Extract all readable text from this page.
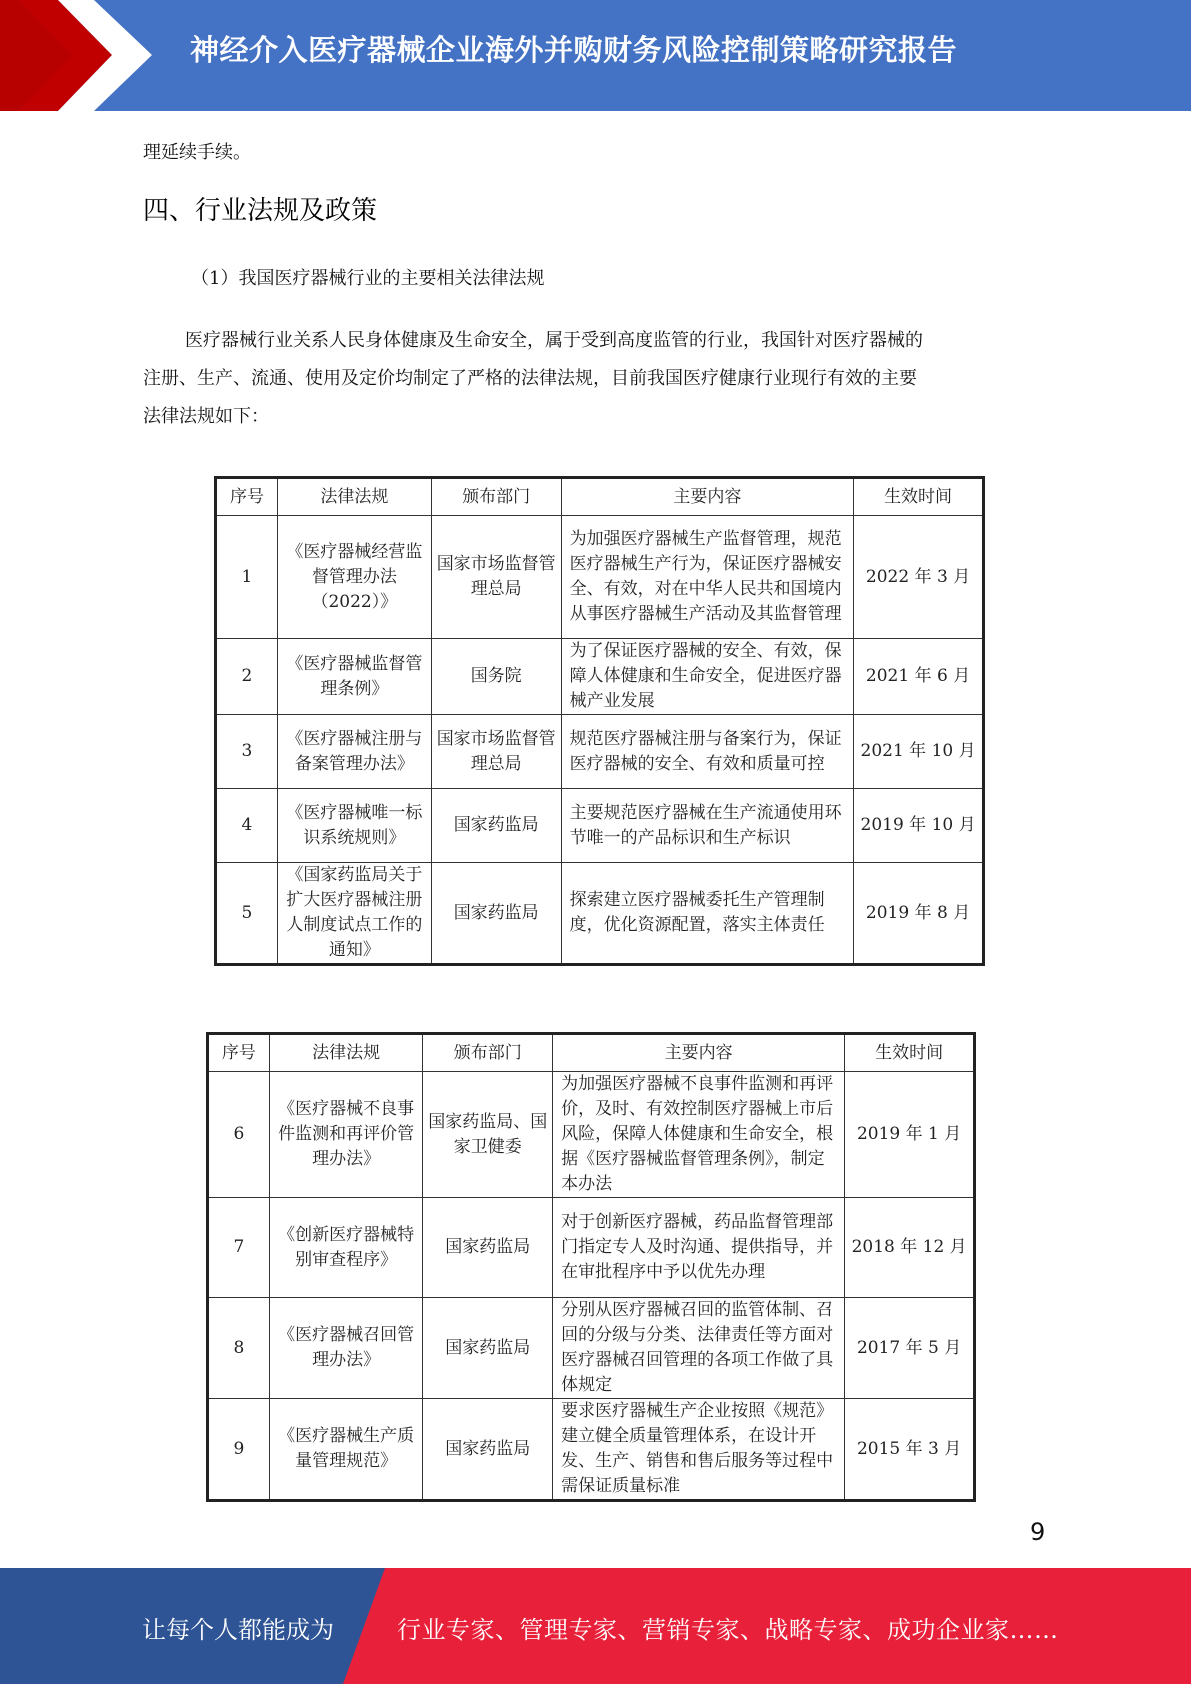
神经介入医疗器械企业海外并购财务风险控制策略研究报告
理延续手续。
四、行业法规及政策
（1）我国医疗器械行业的主要相关法律法规
医疗器械行业关系人民身体健康及生命安全，属于受到高度监管的行业，我国针对医疗器械的
注册、生产、流通、使用及定价均制定了严格的法律法规，目前我国医疗健康行业现行有效的主要
法律法规如下：
序号	法律法规	颁布部门	主要内容	生效时间
1	《医疗器械经营监督管理办法（2022）》	国家市场监督管理总局	为加强医疗器械生产监督管理，规范医疗器械生产行为，保证医疗器械安全、有效，对在中华人民共和国境内从事医疗器械生产活动及其监督管理	2022 年 3 月
2	《医疗器械监督管理条例》	国务院	为了保证医疗器械的安全、有效，保障人体健康和生命安全，促进医疗器械产业发展	2021 年 6 月
3	《医疗器械注册与备案管理办法》	国家市场监督管理总局	规范医疗器械注册与备案行为，保证医疗器械的安全、有效和质量可控	2021 年 10 月
4	《医疗器械唯一标识系统规则》	国家药监局	主要规范医疗器械在生产流通使用环节唯一的产品标识和生产标识	2019 年 10 月
5	《国家药监局关于扩大医疗器械注册人制度试点工作的通知》	国家药监局	探索建立医疗器械委托生产管理制度，优化资源配置，落实主体责任	2019 年 8 月
序号	法律法规	颁布部门	主要内容	生效时间
6	《医疗器械不良事件监测和再评价管理办法》	国家药监局、国家卫健委	为加强医疗器械不良事件监测和再评价，及时、有效控制医疗器械上市后风险，保障人体健康和生命安全，根据《医疗器械监督管理条例》，制定本办法	2019 年 1 月
7	《创新医疗器械特别审查程序》	国家药监局	对于创新医疗器械，药品监督管理部门指定专人及时沟通、提供指导，并在审批程序中予以优先办理	2018 年 12 月
8	《医疗器械召回管理办法》	国家药监局	分别从医疗器械召回的监管体制、召回的分级与分类、法律责任等方面对医疗器械召回管理的各项工作做了具体规定	2017 年 5 月
9	《医疗器械生产质量管理规范》	国家药监局	要求医疗器械生产企业按照《规范》建立健全质量管理体系，在设计开发、生产、销售和售后服务等过程中需保证质量标准	2015 年 3 月
9
让每个人都能成为	行业专家、管理专家、营销专家、战略专家、成功企业家……
